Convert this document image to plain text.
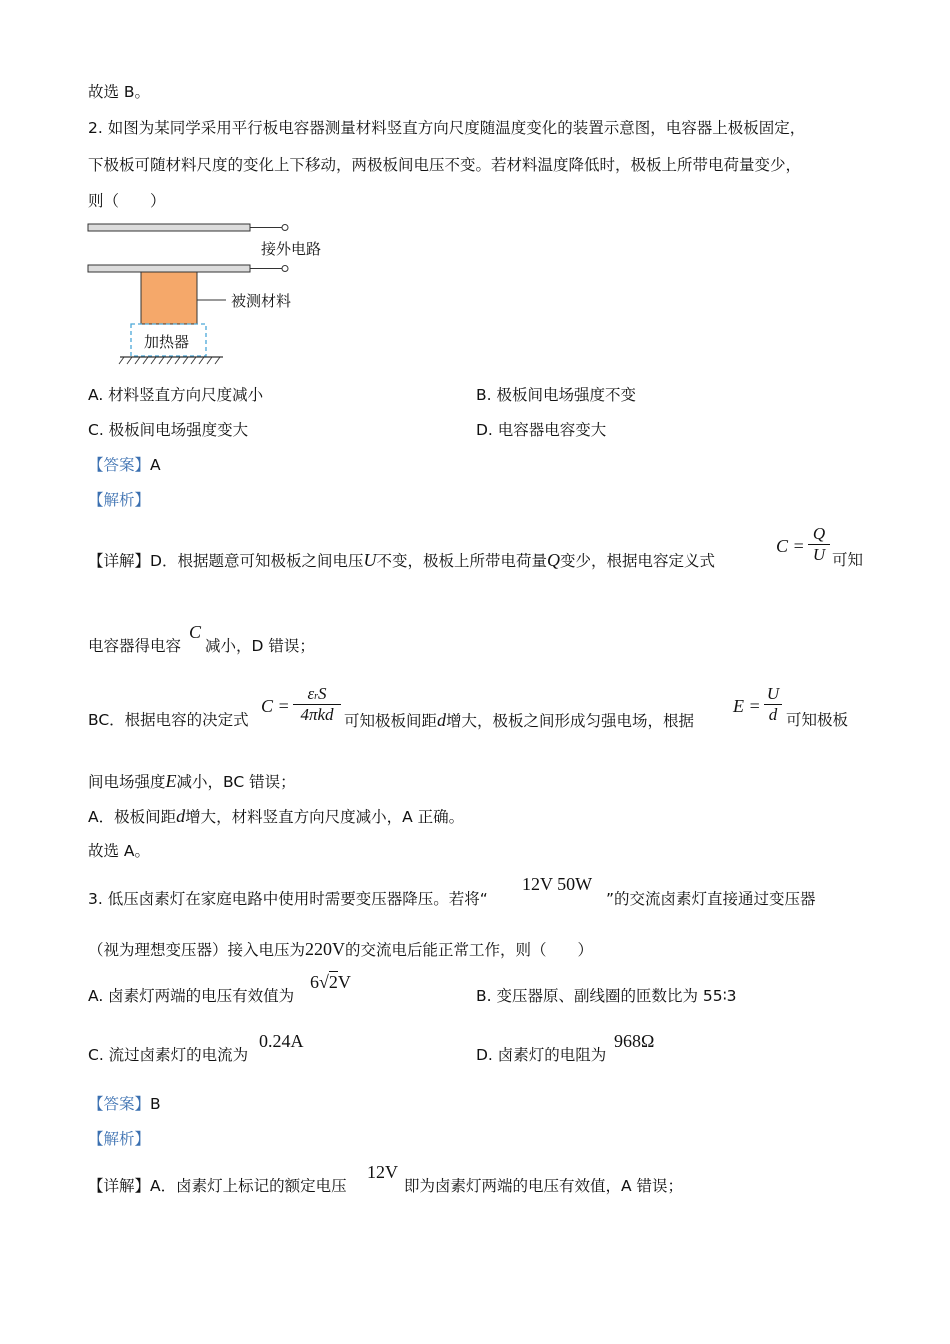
故选 B。
2. 如图为某同学采用平行板电容器测量材料竖直方向尺度随温度变化的装置示意图，电容器上极板固定，
下极板可随材料尺度的变化上下移动，两极板间电压不变。若材料温度降低时，极板上所带电荷量变少，
则（　　）
接外电路
被测材料
加热器
A. 材料竖直方向尺度减小	B. 极板间电场强度不变
C. 极板间电场强度变大	D. 电容器电容变大
【答案】A
【解析】
【详解】D．根据题意可知极板之间电压U不变，极板上所带电荷量Q变少，根据电容定义式
$C = \frac{Q}{U}$ 可知
电容器得电容
C
减小，D 错误；
BC．根据电容的决定式
C =
εrS
4πkd 可知极板间距d增大，极板之间形成匀强电场，根据
$E = \frac{U}{d}$ 可知极板
间电场强度E减小，BC 错误；
A．极板间距d增大，材料竖直方向尺度减小，A 正确。
故选 A。
3. 低压卤素灯在家庭电路中使用时需要变压器降压。若将“
12V 50W
”的交流卤素灯直接通过变压器
（视为理想变压器）接入电压为220V的交流电后能正常工作，则（　　）
A. 卤素灯两端的电压有效值为
6√2V
B. 变压器原、副线圈的匝数比为 55∶3
C. 流过卤素灯的电流为
0.24A
D. 卤素灯的电阻为
968Ω
【答案】B
【解析】
【详解】A．卤素灯上标记的额定电压
12V
即为卤素灯两端的电压有效值，A 错误；
